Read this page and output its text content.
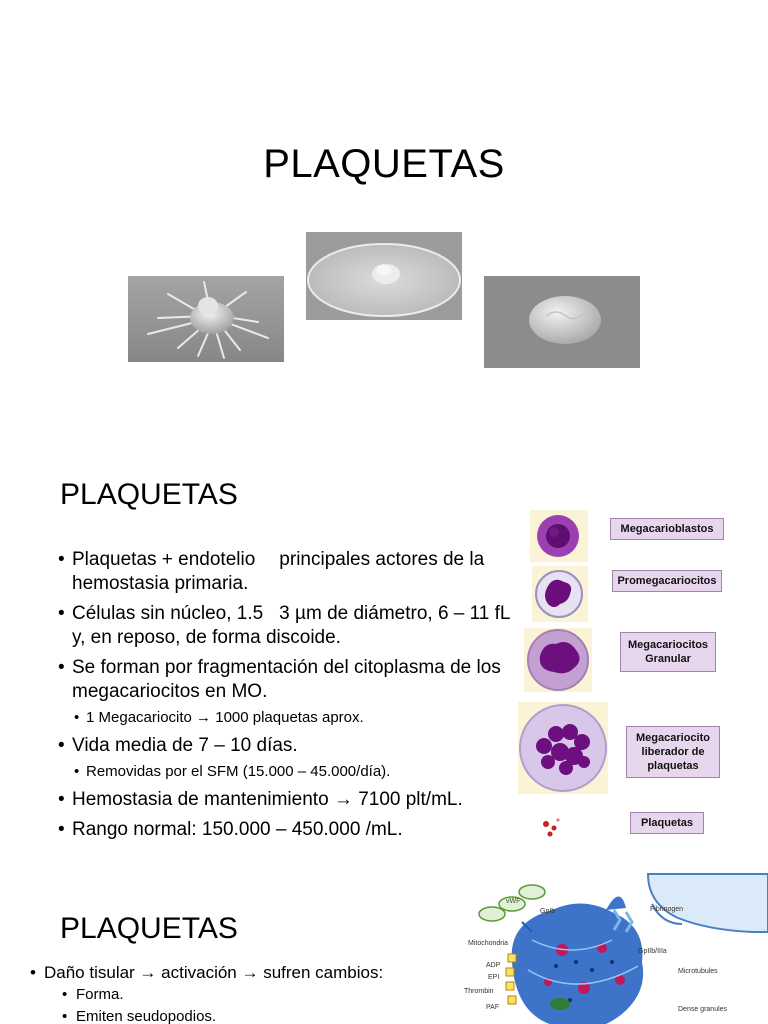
PLAQUETAS
PLAQUETAS
• Plaquetas + endotelio principales actores de la hemostasia primaria.
• Células sin núcleo, 1.5 3 µm de diámetro, 6 – 11 fL y, en reposo, de forma discoide.
• Se forman por fragmentación del citoplasma de los megacariocitos en MO.
• 1 Megacariocito → 1000 plaquetas aprox.
• Vida media de 7 – 10 días.
• Removidas por el SFM (15.000 – 45.000/día).
• Hemostasia de mantenimiento → 7100 plt/mL.
• Rango normal: 150.000 – 450.000 /mL.
Megacarioblastos
Promegacariocitos
Megacariocitos Granular
Megacariocito liberador de plaquetas
Plaquetas
PLAQUETAS
• Daño tisular → activación → sufren cambios:
• Forma.
• Emiten seudopodios.
vWF
GpIb	Fibrinogen
Mitochondria
GpIIb/IIIa
ADP
Microtubules
EPI
Thrombin
PAF	Dense granules
